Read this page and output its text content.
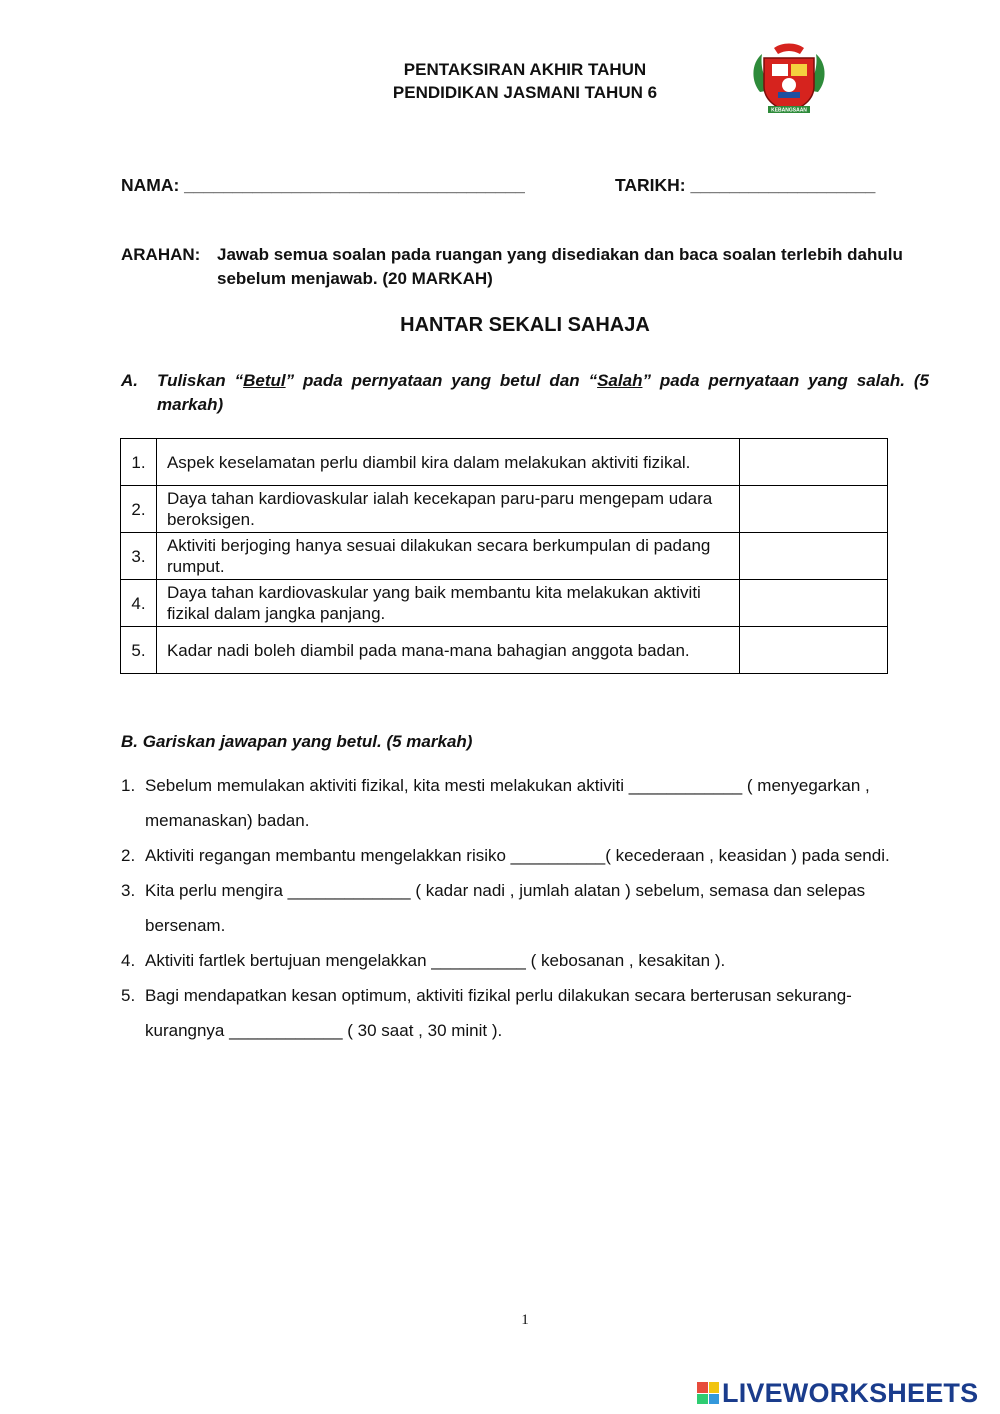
PENTAKSIRAN AKHIR TAHUN
PENDIDIKAN JASMANI TAHUN 6
KEBANGSAAN
NAMA: ___________________________________	TARIKH: ___________________
ARAHAN: Jawab semua soalan pada ruangan yang disediakan dan baca soalan terlebih dahulu sebelum menjawab. (20 MARKAH)
HANTAR SEKALI SAHAJA
A. Tuliskan “Betul” pada pernyataan yang betul dan “Salah” pada pernyataan yang salah. (5 markah)
1.	Aspek keselamatan perlu diambil kira dalam melakukan aktiviti fizikal.	
2.	Daya tahan kardiovaskular ialah kecekapan paru-paru mengepam udara beroksigen.	
3.	Aktiviti berjoging hanya sesuai dilakukan secara berkumpulan di padang rumput.	
4.	Daya tahan kardiovaskular yang baik membantu kita melakukan aktiviti fizikal dalam jangka panjang.	
5.	Kadar nadi boleh diambil pada mana-mana bahagian anggota badan.	
B. Gariskan jawapan yang betul. (5 markah)
1. Sebelum memulakan aktiviti fizikal, kita mesti melakukan aktiviti ____________ ( menyegarkan , memanaskan) badan.
2. Aktiviti regangan membantu mengelakkan risiko __________( kecederaan , keasidan ) pada sendi.
3. Kita perlu mengira _____________ ( kadar nadi , jumlah alatan ) sebelum, semasa dan selepas bersenam.
4. Aktiviti fartlek bertujuan mengelakkan __________ ( kebosanan , kesakitan ).
5. Bagi mendapatkan kesan optimum, aktiviti fizikal perlu dilakukan secara berterusan sekurang-kurangnya ____________ ( 30 saat , 30 minit ).
1
LIVEWORKSHEETS
